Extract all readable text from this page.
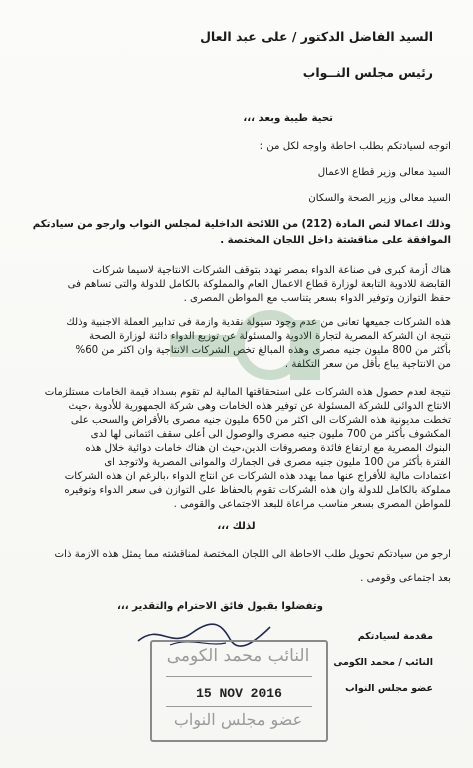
السيد الفاضل الدكتور / على عبد العال
رئيس مجلس النــواب
تحية طيبة وبعد ،،،
اتوجه لسيادتكم بطلب احاطة واوجه لكل من :
السيد معالى وزير قطاع الاعمال
السيد معالى وزير الصحة والسكان
وذلك اعمالا لنص المادة (212) من اللائحة الداخلية لمجلس النواب وارجو من سيادتكم
الموافقة على مناقشتة داخل اللجان المختصة .
هناك أزمة كبرى فى صناعة الدواء بمصر تهدد بتوقف الشركات الانتاجية لاسيما شركات
القابضة للادوية التابعة لوزارة قطاع الاعمال العام والمملوكة بالكامل للدولة والتى تساهم فى
حفظ التوازن وتوفير الدواء بسعر يتناسب مع المواطن المصرى .
هذه الشركات جميعها تعانى من عدم وجود سيولة نقدية وازمة فى تدابير العملة الاجنبية وذلك
نتيجة ان الشركة المصرية لتجارة الادوية والمسئولة عن توزيع الدواء دائنة لوزارة الصحة
بأكثر من 800 مليون جنيه مصرى وهذه المبالغ تخص الشركات الانتاجية وان اكثر من 60%
من الانتاجية يباع بأقل من سعر التكلفة .
نتيجة لعدم حصول هذه الشركات على استحقاقتها المالية لم تقوم بسداد قيمة الخامات مستلزمات
الانتاج الدوائى للشركة المسئولة عن توفير هذه الخامات وهى شركة الجمهورية للأدوية ،حيث
تخطت مديونية هذه الشركات الى اكثر من 650 مليون جنيه مصرى بالأقراض والسحب على
المكشوف بأكثر من 700 مليون جنيه مصرى والوصول الى أعلى سقف ائتمانى لها لدى
البنوك المصرية مع ارتفاع فائدة ومصروفات الدين،حيث ان هناك خامات دوائية خلال هذه
الفترة بأكثر من 100 مليون جنيه مصرى فى الجمارك والموانى المصرية ولاتوجد اى
اعتمادات مالية للأفراج عنها مما يهدد هذه الشركات عن انتاج الدواء ،بالرغم ان هذه الشركات
مملوكة بالكامل للدولة وان هذه الشركات تقوم بالحفاظ على التوازن فى سعر الدواء وتوفيره
للمواطن المصرى بسعر مناسب مراعاة للبعد الاجتماعى والقومى .
لذلك ،،،
ارجو من سيادتكم تحويل طلب الاحاطة الى اللجان المختصة لمناقشته مما يمثل هذه الازمة ذات
بعد اجتماعى وقومى .
وتفضلوا بقبول فائق الاحترام والتقدير ،،،
مقدمة لسيادتكم
النائب / محمد الكومى
عضو مجلس النواب
النائب محمد الكومى
15 NOV 2016
عضو مجلس النواب
